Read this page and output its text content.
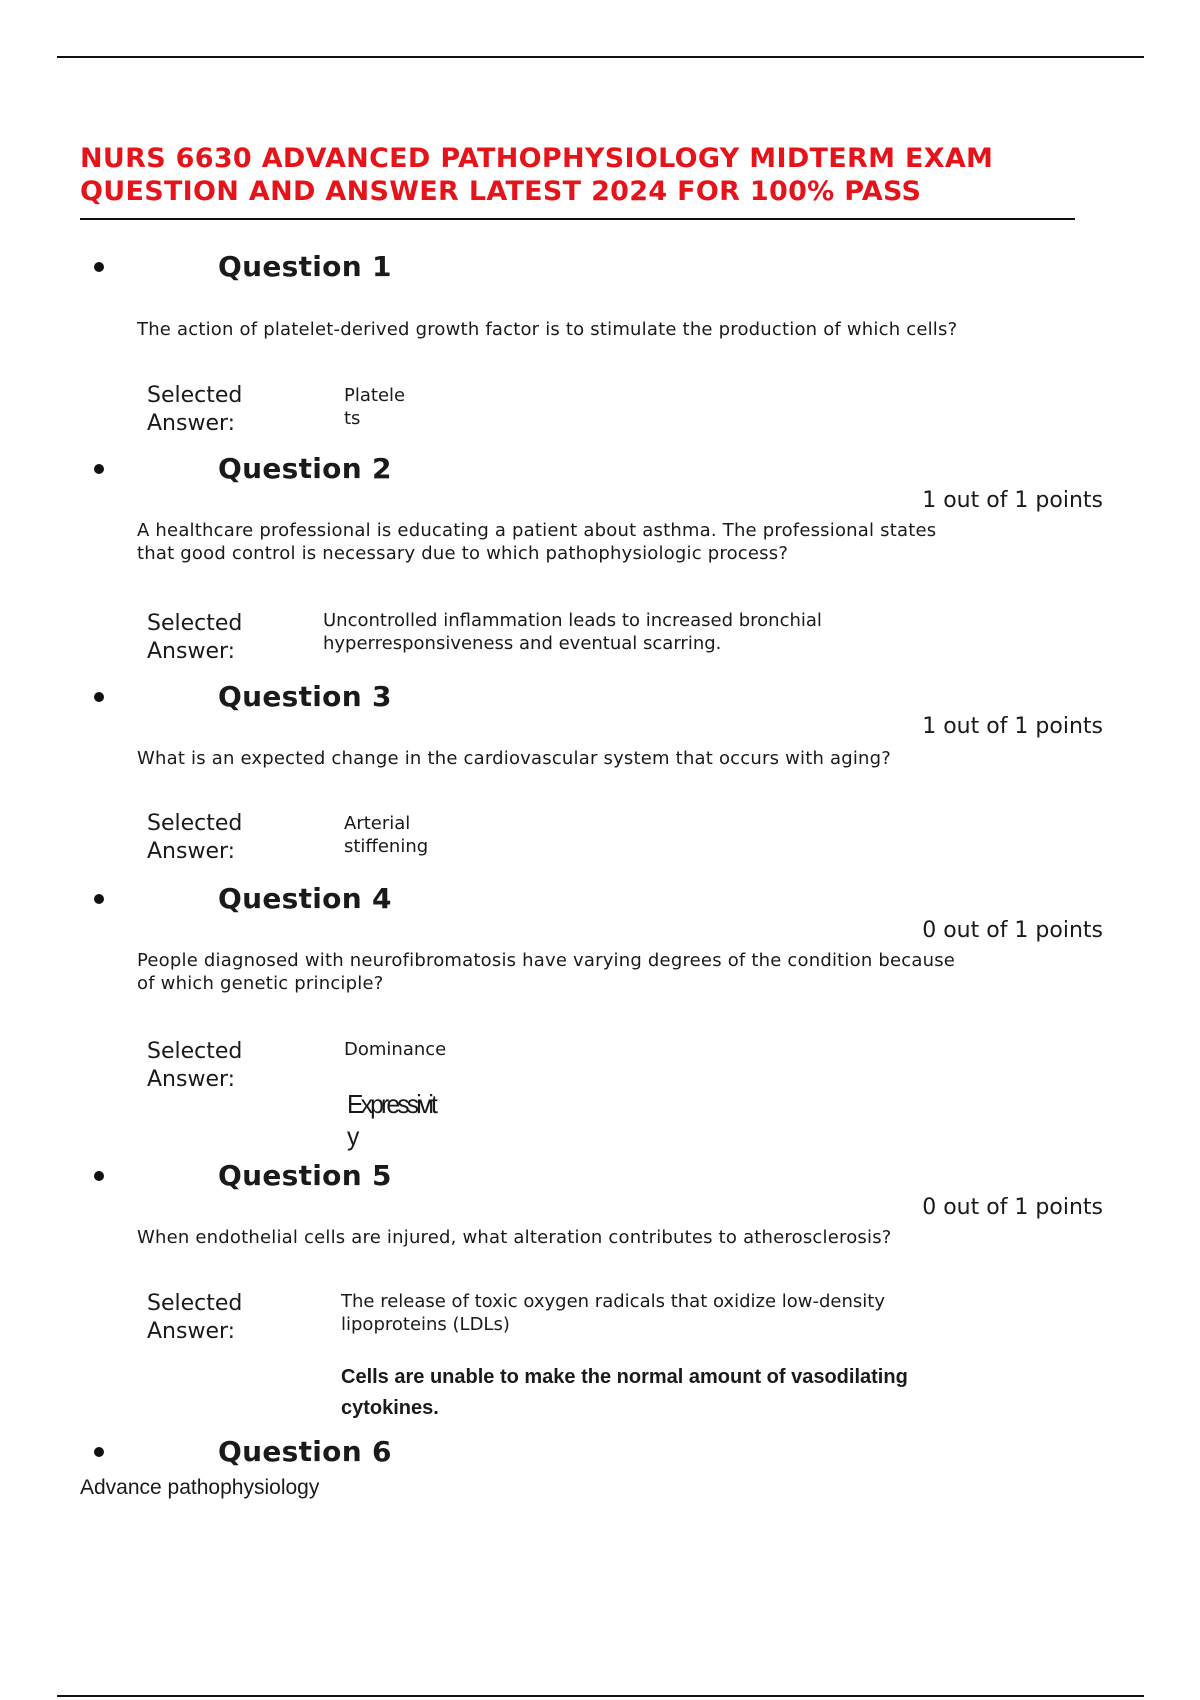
NURS 6630 ADVANCED PATHOPHYSIOLOGY MIDTERM EXAM
QUESTION AND ANSWER LATEST 2024 FOR 100% PASS
Question 1
The action of platelet-derived growth factor is to stimulate the production of which cells?
Selected
Answer:
Platele
ts
Question 2
1 out of 1 points
A healthcare professional is educating a patient about asthma. The professional states
that good control is necessary due to which pathophysiologic process?
Selected
Answer:
Uncontrolled inflammation leads to increased bronchial
hyperresponsiveness and eventual scarring.
Question 3
1 out of 1 points
What is an expected change in the cardiovascular system that occurs with aging?
Selected
Answer:
Arterial
stiffening
Question 4
0 out of 1 points
People diagnosed with neurofibromatosis have varying degrees of the condition because
of which genetic principle?
Selected
Answer:
Dominance
Expressivit
y
Question 5
0 out of 1 points
When endothelial cells are injured, what alteration contributes to atherosclerosis?
Selected
Answer:
The release of toxic oxygen radicals that oxidize low-density
lipoproteins (LDLs)
Cells are unable to make the normal amount of vasodilating
cytokines.
Question 6
Advance pathophysiology
